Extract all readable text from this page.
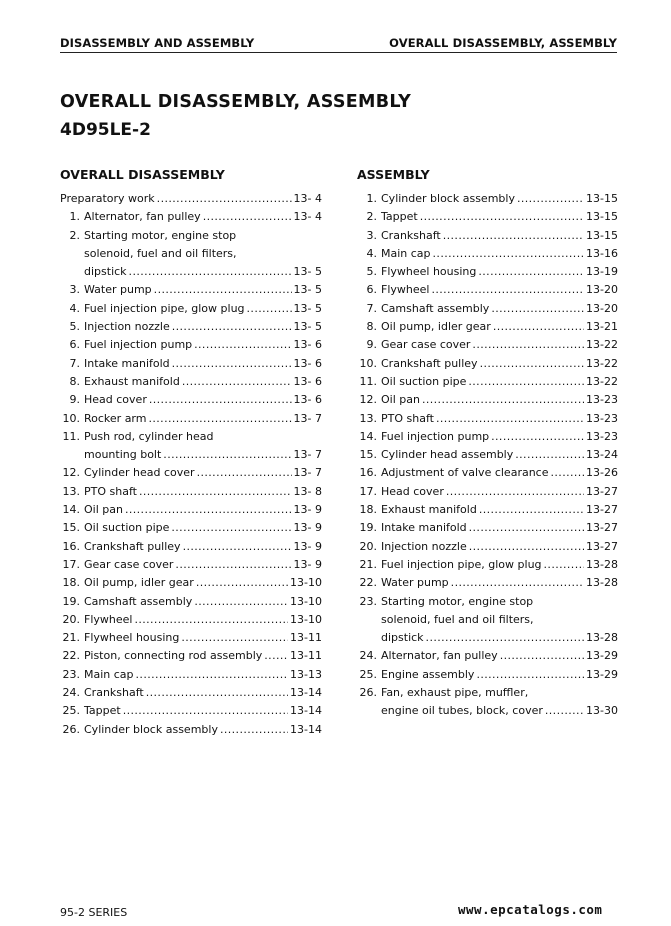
DISASSEMBLY AND ASSEMBLY	OVERALL DISASSEMBLY, ASSEMBLY
OVERALL DISASSEMBLY, ASSEMBLY
4D95LE-2
OVERALL DISASSEMBLY
Preparatory work .....	13- 4
1. Alternator, fan pulley .....	13- 4
2. Starting motor, engine stop
solenoid, fuel and oil filters,
dipstick .....	13- 5
3. Water pump .....	13- 5
4. Fuel injection pipe, glow plug .....	13- 5
5. Injection nozzle .....	13- 5
6. Fuel injection pump .....	13- 6
7. Intake manifold .....	13- 6
8. Exhaust manifold .....	13- 6
9. Head cover .....	13- 6
10. Rocker arm .....	13- 7
11. Push rod, cylinder head
mounting bolt .....	13- 7
12. Cylinder head cover .....	13- 7
13. PTO shaft .....	13- 8
14. Oil pan .....	13- 9
15. Oil suction pipe .....	13- 9
16. Crankshaft pulley .....	13- 9
17. Gear case cover .....	13- 9
18. Oil pump, idler gear .....	13-10
19. Camshaft assembly .....	13-10
20. Flywheel .....	13-10
21. Flywheel housing .....	13-11
22. Piston, connecting rod assembly .....	13-11
23. Main cap .....	13-13
24. Crankshaft .....	13-14
25. Tappet .....	13-14
26. Cylinder block assembly .....	13-14
ASSEMBLY
1. Cylinder block assembly .....	13-15
2. Tappet .....	13-15
3. Crankshaft .....	13-15
4. Main cap .....	13-16
5. Flywheel housing .....	13-19
6. Flywheel .....	13-20
7. Camshaft assembly .....	13-20
8. Oil pump, idler gear .....	13-21
9. Gear case cover .....	13-22
10. Crankshaft pulley .....	13-22
11. Oil suction pipe .....	13-22
12. Oil pan .....	13-23
13. PTO shaft .....	13-23
14. Fuel injection pump .....	13-23
15. Cylinder head assembly .....	13-24
16. Adjustment of valve clearance .....	13-26
17. Head cover .....	13-27
18. Exhaust manifold .....	13-27
19. Intake manifold .....	13-27
20. Injection nozzle .....	13-27
21. Fuel injection pipe, glow plug .....	13-28
22. Water pump .....	13-28
23. Starting motor, engine stop
solenoid, fuel and oil filters,
dipstick .....	13-28
24. Alternator, fan pulley .....	13-29
25. Engine assembly .....	13-29
26. Fan, exhaust pipe, muffler,
engine oil tubes, block, cover .....	13-30
95-2 SERIES	www.epcatalogs.com
